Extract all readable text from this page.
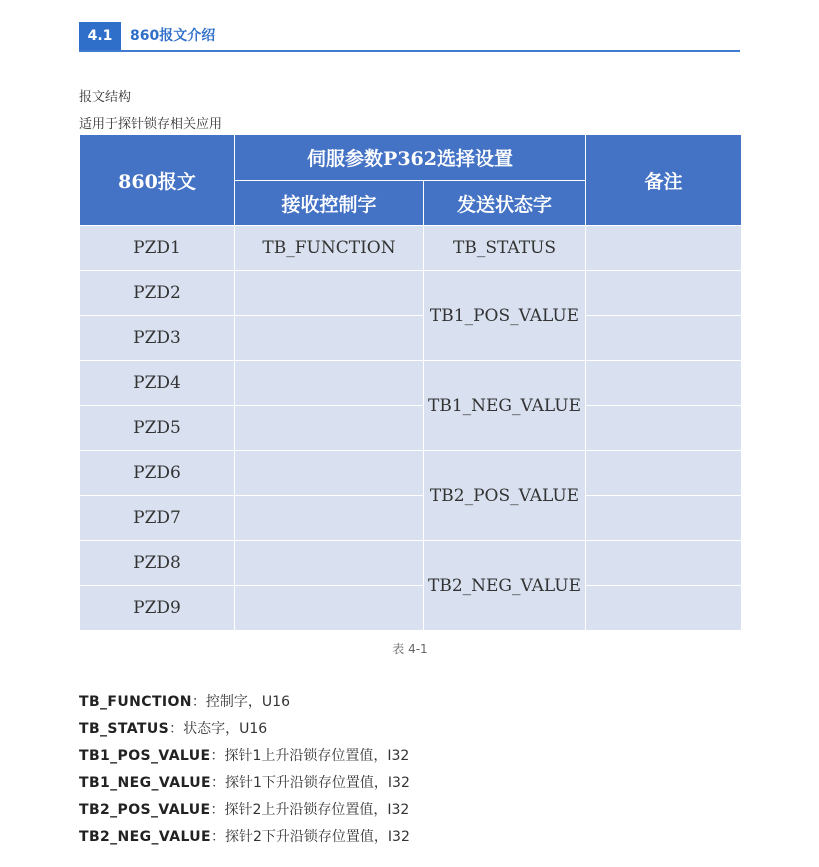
4.1	860报文介绍
报文结构
适用于探针锁存相关应用
860报文	伺服参数P362选择设置		备注
	接收控制字	发送状态字	
PZD1	TB_FUNCTION	TB_STATUS	
PZD2		TB1_POS_VALUE	
PZD3			
PZD4		TB1_NEG_VALUE	
PZD5			
PZD6		TB2_POS_VALUE	
PZD7			
PZD8		TB2_NEG_VALUE	
PZD9			
表 4-1
TB_FUNCTION：控制字，U16
TB_STATUS：状态字，U16
TB1_POS_VALUE：探针1上升沿锁存位置值，I32
TB1_NEG_VALUE：探针1下升沿锁存位置值，I32
TB2_POS_VALUE：探针2上升沿锁存位置值，I32
TB2_NEG_VALUE：探针2下升沿锁存位置值，I32
